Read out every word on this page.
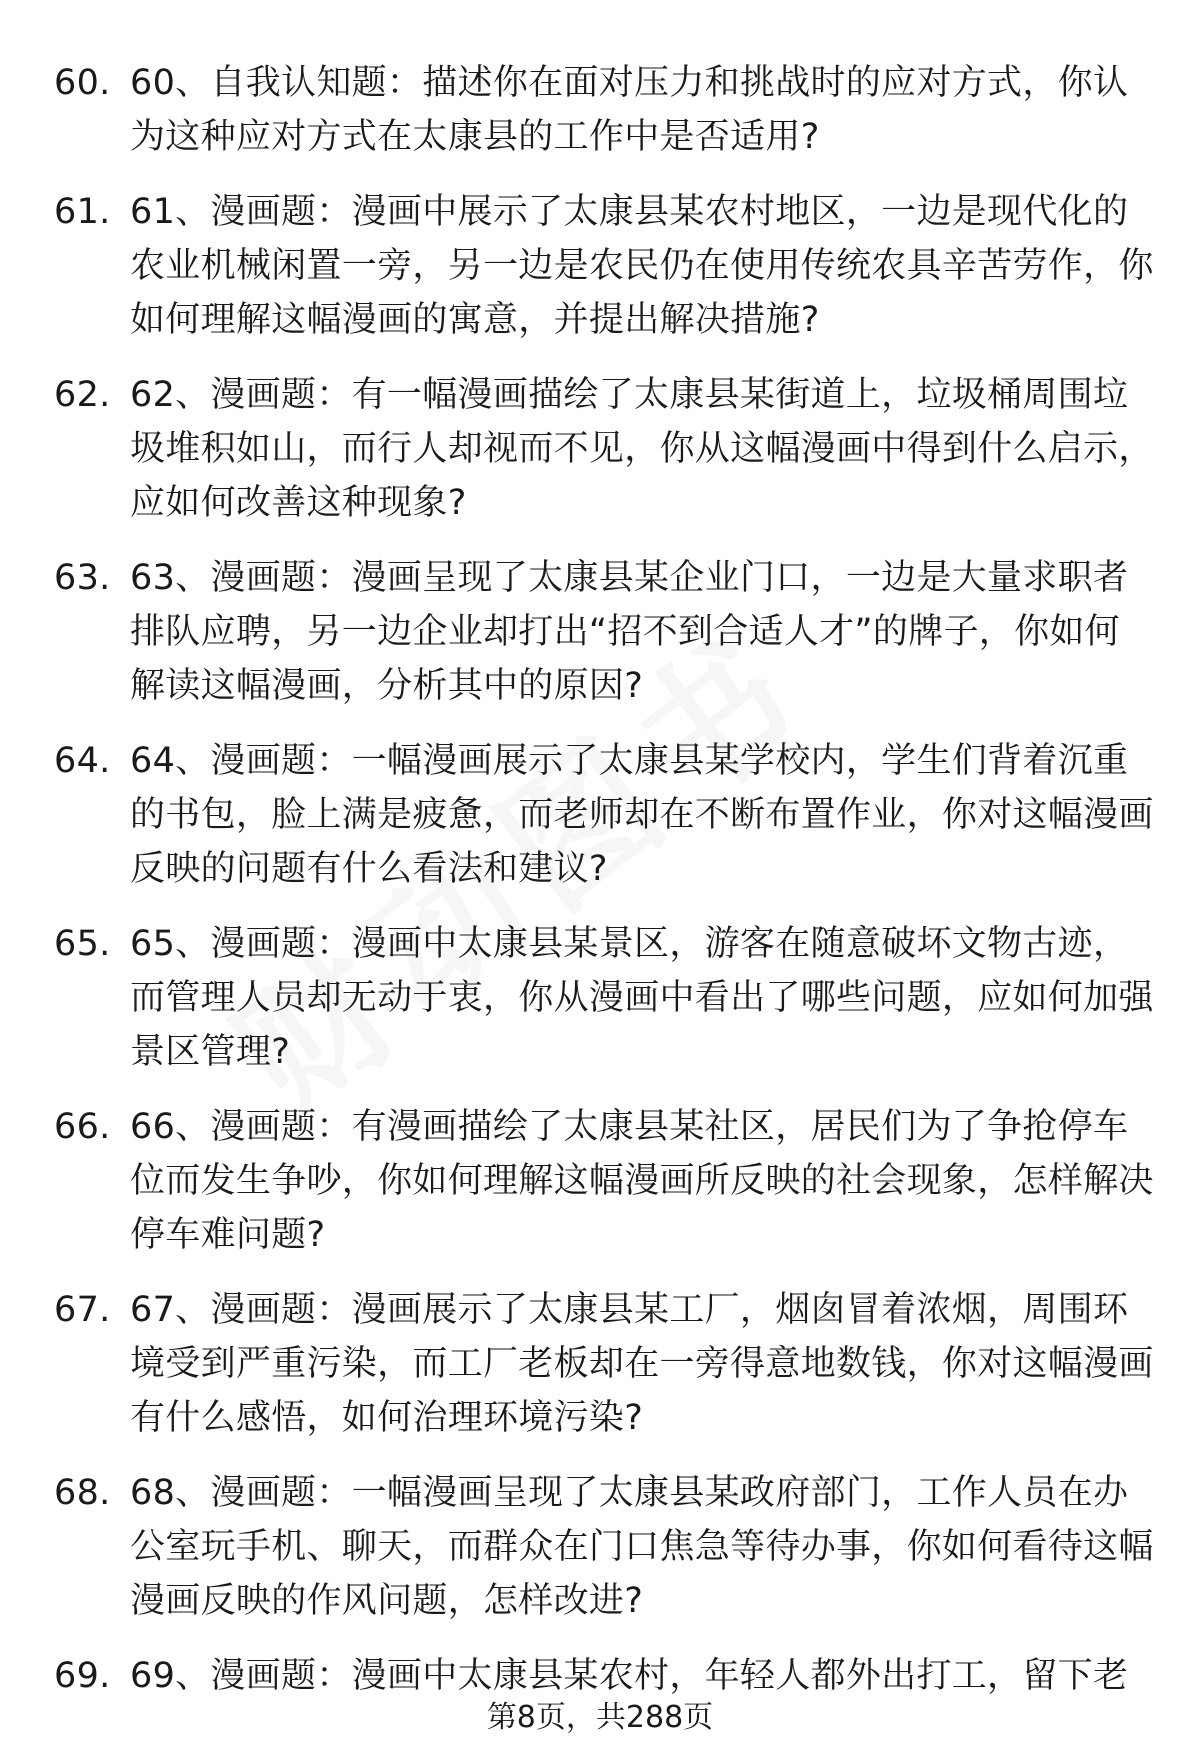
60. 60、自我认知题：描述你在面对压力和挑战时的应对方式，你认为这种应对方式在太康县的工作中是否适用?
61. 61、漫画题：漫画中展示了太康县某农村地区，一边是现代化的农业机械闲置一旁，另一边是农民仍在使用传统农具辛苦劳作，你如何理解这幅漫画的寓意，并提出解决措施?
62. 62、漫画题：有一幅漫画描绘了太康县某街道上，垃圾桶周围垃圾堆积如山，而行人却视而不见，你从这幅漫画中得到什么启示，应如何改善这种现象?
63. 63、漫画题：漫画呈现了太康县某企业门口，一边是大量求职者排队应聘，另一边企业却打出“招不到合适人才”的牌子，你如何解读这幅漫画，分析其中的原因?
64. 64、漫画题：一幅漫画展示了太康县某学校内，学生们背着沉重的书包，脸上满是疲惫，而老师却在不断布置作业，你对这幅漫画反映的问题有什么看法和建议?
65. 65、漫画题：漫画中太康县某景区，游客在随意破坏文物古迹，而管理人员却无动于衷，你从漫画中看出了哪些问题，应如何加强景区管理?
66. 66、漫画题：有漫画描绘了太康县某社区，居民们为了争抢停车位而发生争吵，你如何理解这幅漫画所反映的社会现象，怎样解决停车难问题?
67. 67、漫画题：漫画展示了太康县某工厂，烟囱冒着浓烟，周围环境受到严重污染，而工厂老板却在一旁得意地数钱，你对这幅漫画有什么感悟，如何治理环境污染?
68. 68、漫画题：一幅漫画呈现了太康县某政府部门，工作人员在办公室玩手机、聊天，而群众在门口焦急等待办事，你如何看待这幅漫画反映的作风问题，怎样改进?
69. 69、漫画题：漫画中太康县某农村，年轻人都外出打工，留下老
第8页，共288页
